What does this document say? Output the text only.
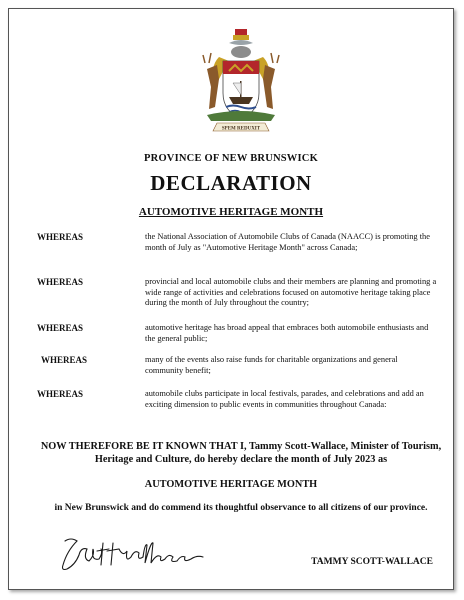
SPEM REDUXIT
PROVINCE OF NEW BRUNSWICK
DECLARATION
AUTOMOTIVE HERITAGE MONTH
WHEREAS	the National Association of Automobile Clubs of Canada (NAACC) is promoting the month of July as "Automotive Heritage Month" across Canada;
WHEREAS	provincial and local automobile clubs and their members are planning and promoting a wide range of activities and celebrations focused on automotive heritage taking place during the month of July throughout the country;
WHEREAS	automotive heritage has broad appeal that embraces both automobile enthusiasts and the general public;
WHEREAS	many of the events also raise funds for charitable organizations and general community benefit;
WHEREAS	automobile clubs participate in local festivals, parades, and celebrations and add an exciting dimension to public events in communities throughout Canada:
NOW THEREFORE BE IT KNOWN THAT I, Tammy Scott-Wallace, Minister of Tourism, Heritage and Culture, do hereby declare the month of July 2023 as
AUTOMOTIVE HERITAGE MONTH
in New Brunswick and do commend its thoughtful observance to all citizens of our province.
Scott Wallace
TAMMY SCOTT-WALLACE
